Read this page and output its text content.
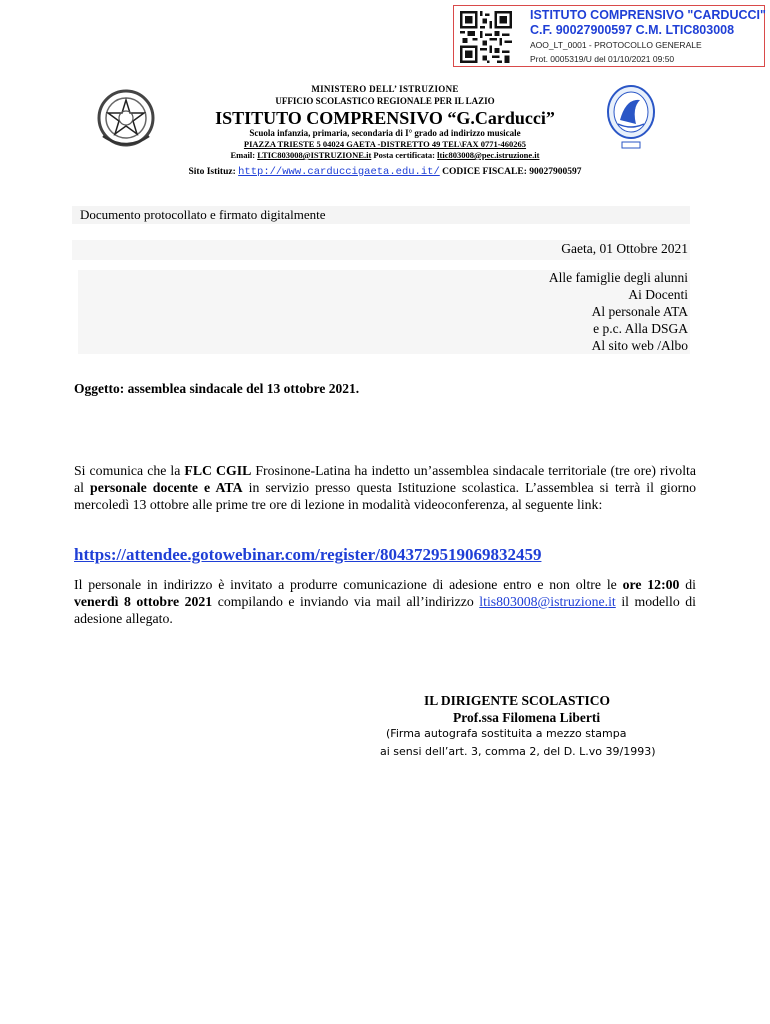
ISTITUTO COMPRENSIVO "CARDUCCI"
C.F. 90027900597 C.M. LTIC803008
AOO_LT_0001 - PROTOCOLLO GENERALE
Prot. 0005319/U del 01/10/2021 09:50
MINISTERO DELL’ ISTRUZIONE
UFFICIO SCOLASTICO REGIONALE PER IL LAZIO
ISTITUTO COMPRENSIVO “G.Carducci”
Scuola infanzia, primaria, secondaria di I° grado ad indirizzo musicale
PIAZZA TRIESTE 5 04024 GAETA -DISTRETTO 49 TEL\FAX 0771-460265
Email: LTIC803008@ISTRUZIONE.it Posta certificata: ltic803008@pec.istruzione.it
Sito Istituz: http://www.carduccigaeta.edu.it/ CODICE FISCALE: 90027900597
Documento protocollato e firmato digitalmente
Gaeta, 01 Ottobre 2021
Alle famiglie degli alunni
Ai Docenti
Al personale ATA
e p.c. Alla DSGA
Al sito web /Albo
Oggetto: assemblea sindacale del 13 ottobre 2021.
Si comunica che la FLC CGIL Frosinone-Latina ha indetto un’assemblea sindacale territoriale (tre ore) rivolta al personale docente e ATA in servizio presso questa Istituzione scolastica. L’assemblea si terrà il giorno mercoledì 13 ottobre alle prime tre ore di lezione in modalità videoconferenza, al seguente link:
https://attendee.gotowebinar.com/register/8043729519069832459
Il personale in indirizzo è invitato a produrre comunicazione di adesione entro e non oltre le ore 12:00 di venerdì 8 ottobre 2021 compilando e inviando via mail all’indirizzo ltis803008@istruzione.it il modello di adesione allegato.
IL DIRIGENTE SCOLASTICO
Prof.ssa Filomena Liberti
(Firma autografa sostituita a mezzo stampa
ai sensi dell’art. 3, comma 2, del D. L.vo 39/1993)
